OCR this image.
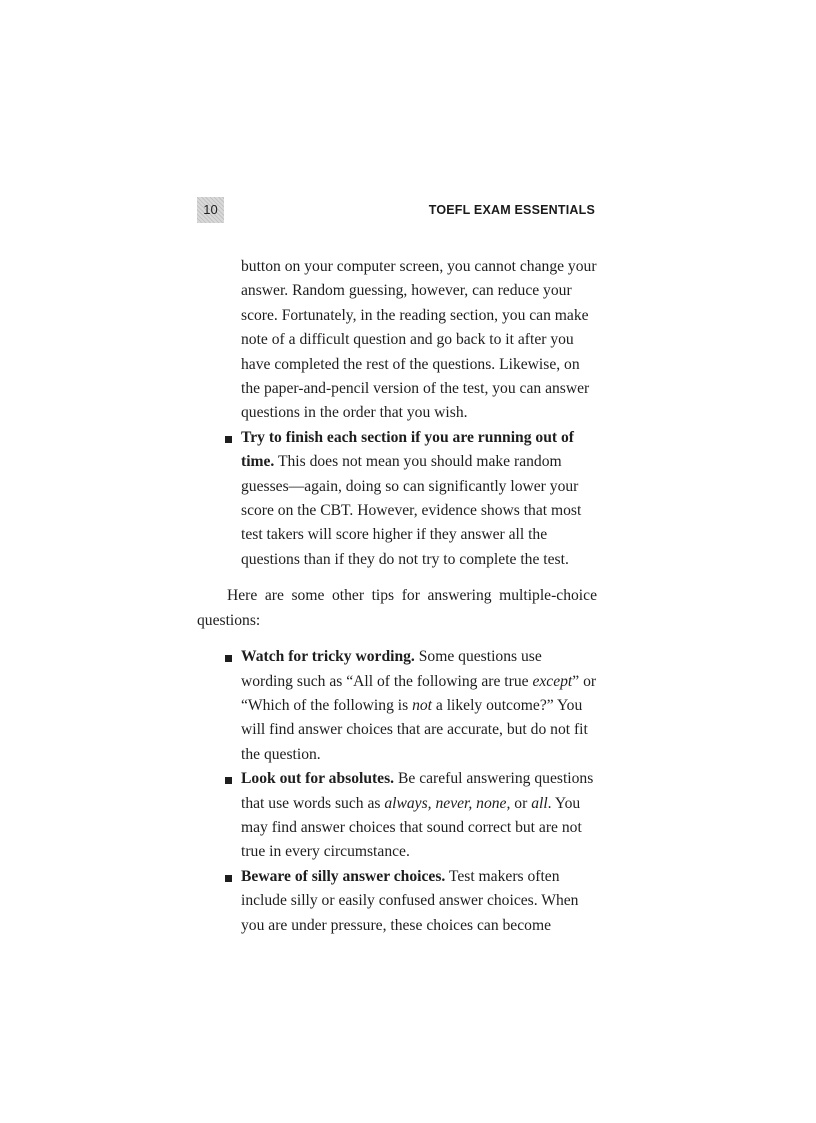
10	TOEFL EXAM ESSENTIALS
button on your computer screen, you cannot change your answer. Random guessing, however, can reduce your score. Fortunately, in the reading section, you can make note of a difficult question and go back to it after you have completed the rest of the questions. Likewise, on the paper-and-pencil version of the test, you can answer questions in the order that you wish.
Try to finish each section if you are running out of time. This does not mean you should make random guesses—again, doing so can significantly lower your score on the CBT. However, evidence shows that most test takers will score higher if they answer all the questions than if they do not try to complete the test.

Here are some other tips for answering multiple-choice questions:

Watch for tricky wording. Some questions use wording such as “All of the following are true except” or “Which of the following is not a likely outcome?” You will find answer choices that are accurate, but do not fit the question.
Look out for absolutes. Be careful answering questions that use words such as always, never, none, or all. You may find answer choices that sound correct but are not true in every circumstance.
Beware of silly answer choices. Test makers often include silly or easily confused answer choices. When you are under pressure, these choices can become
